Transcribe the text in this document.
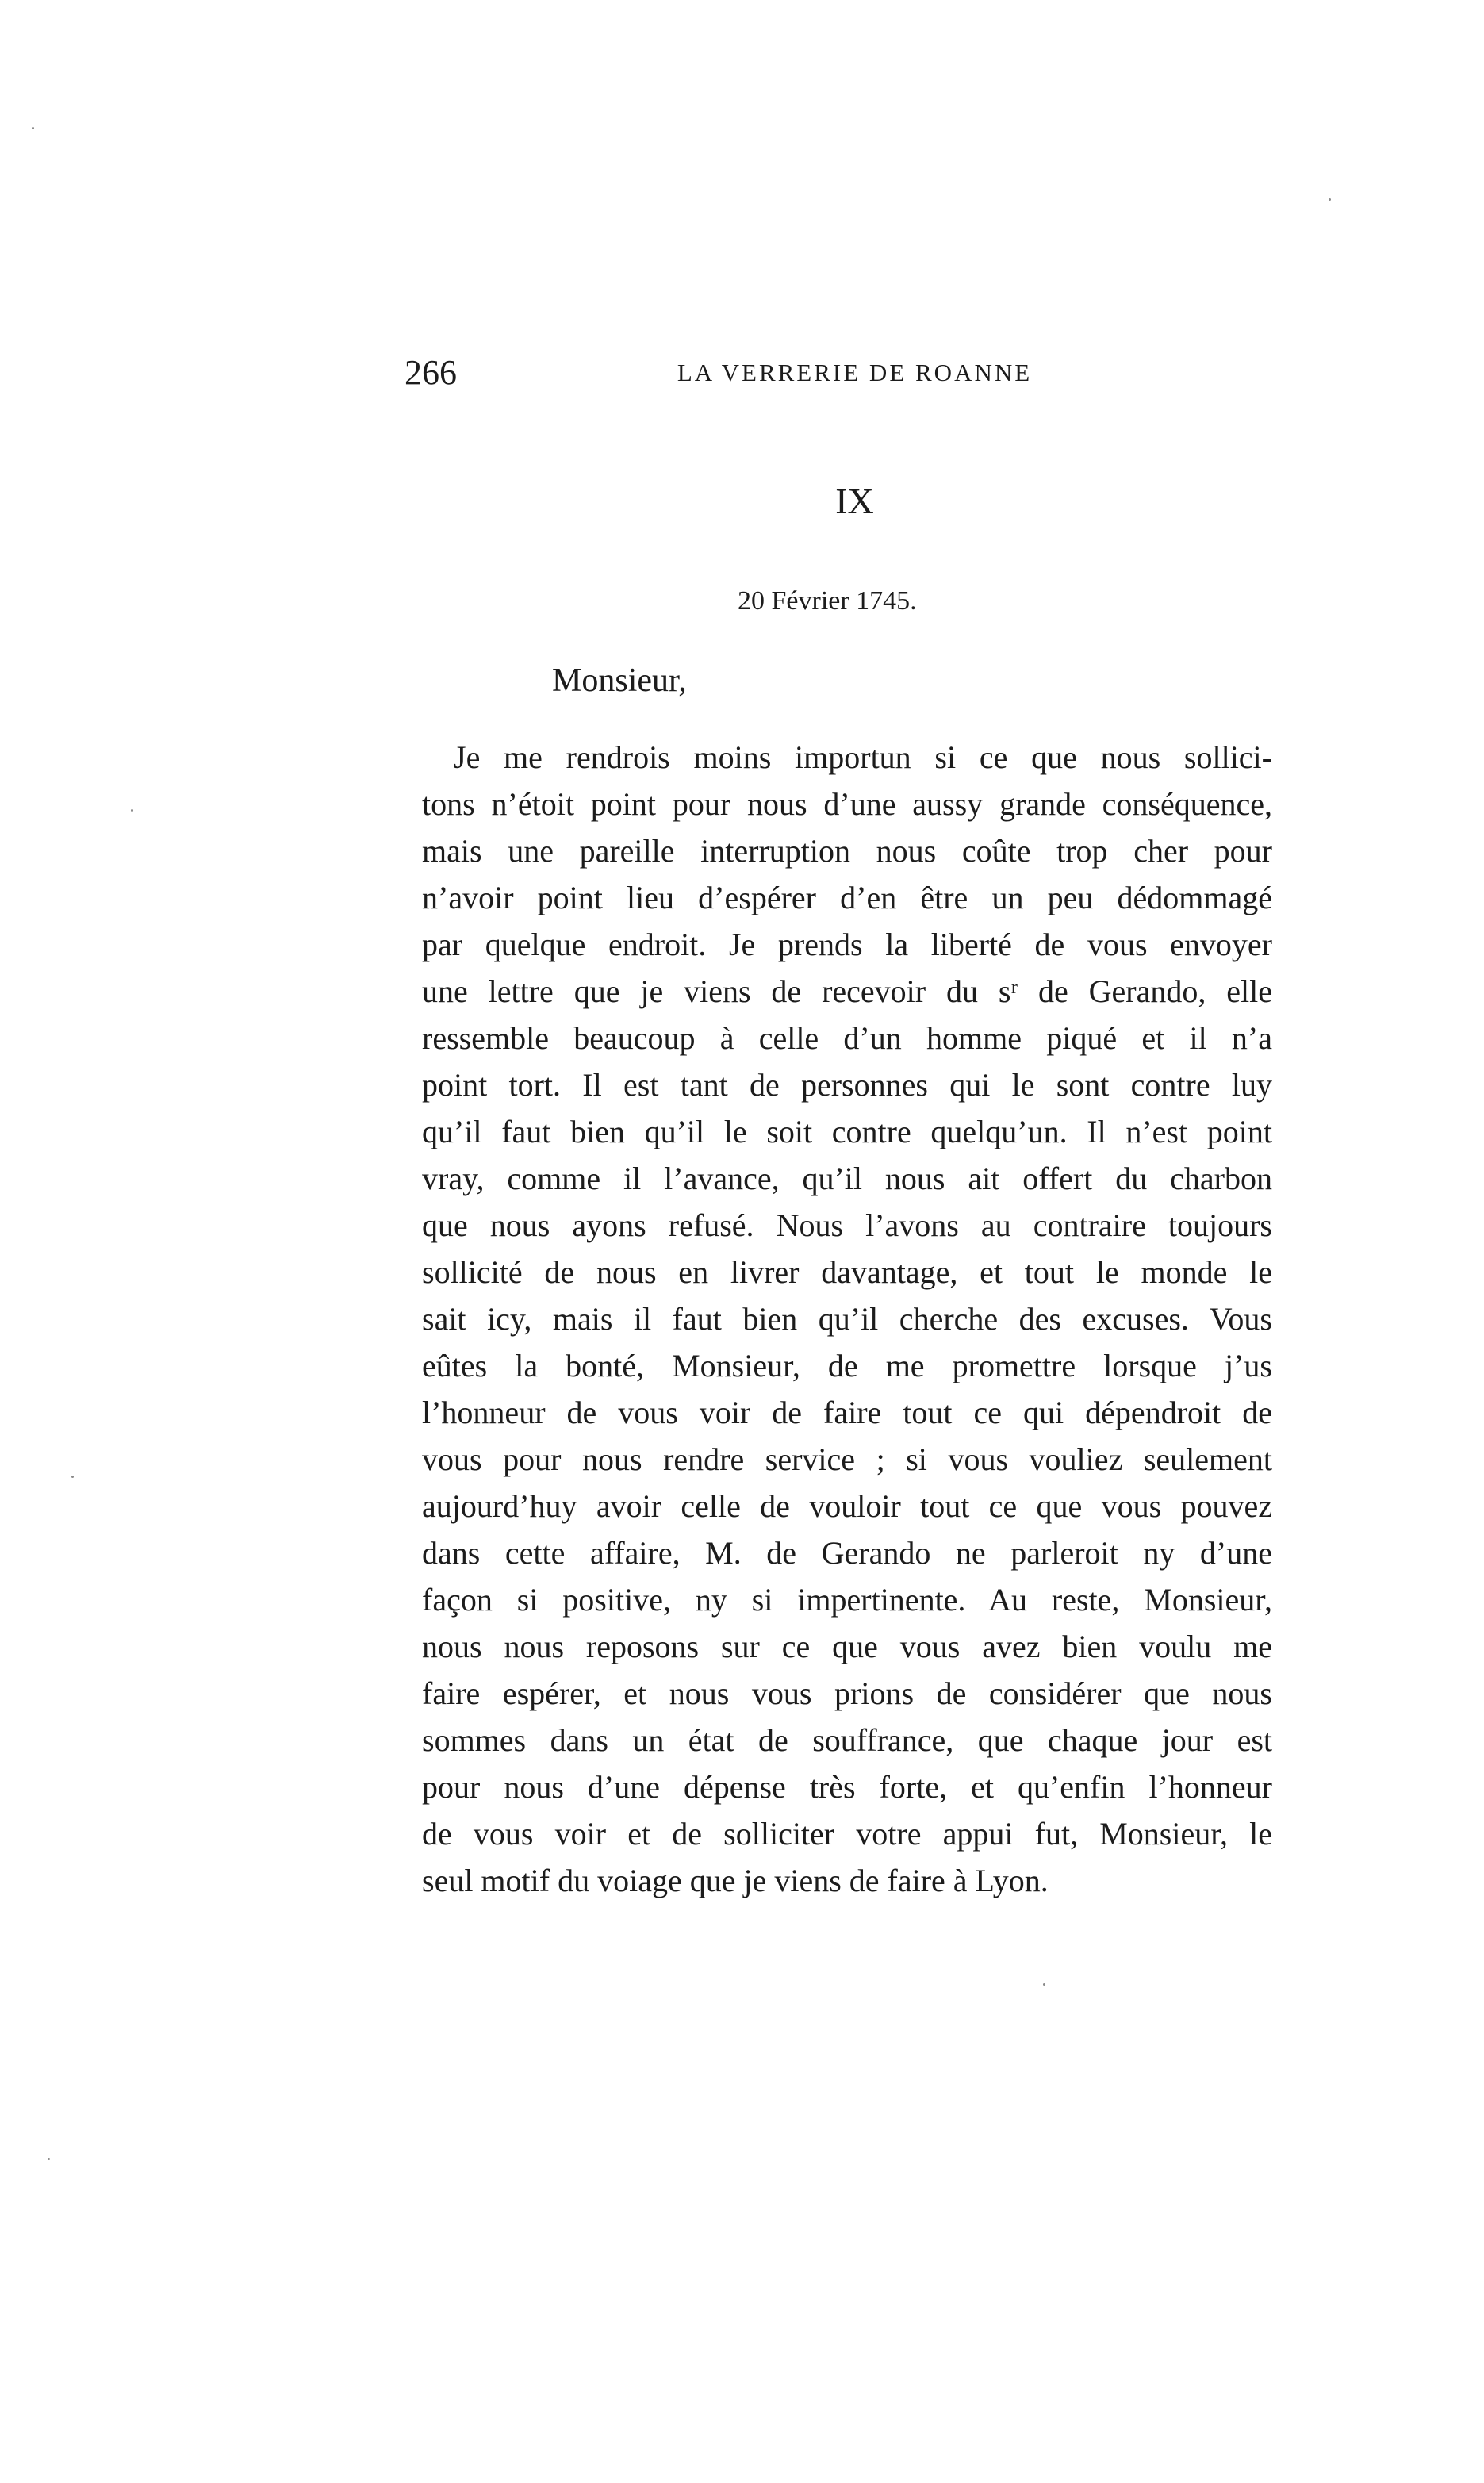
266	LA VERRERIE DE ROANNE
IX
20 Février 1745.
Monsieur,
Je me rendrois moins importun si ce que nous sollici-
tons n’étoit point pour nous d’une aussy grande conséquence,
mais une pareille interruption nous coûte trop cher pour
n’avoir point lieu d’espérer d’en être un peu dédommagé
par quelque endroit. Je prends la liberté de vous envoyer
une lettre que je viens de recevoir du sʳ de Gerando, elle
ressemble beaucoup à celle d’un homme piqué et il n’a
point tort. Il est tant de personnes qui le sont contre luy
qu’il faut bien qu’il le soit contre quelqu’un. Il n’est point
vray, comme il l’avance, qu’il nous ait offert du charbon
que nous ayons refusé. Nous l’avons au contraire toujours
sollicité de nous en livrer davantage, et tout le monde le
sait icy, mais il faut bien qu’il cherche des excuses. Vous
eûtes la bonté, Monsieur, de me promettre lorsque j’us
l’honneur de vous voir de faire tout ce qui dépendroit de
vous pour nous rendre service ; si vous vouliez seulement
aujourd’huy avoir celle de vouloir tout ce que vous pouvez
dans cette affaire, M. de Gerando ne parleroit ny d’une
façon si positive, ny si impertinente. Au reste, Monsieur,
nous nous reposons sur ce que vous avez bien voulu me
faire espérer, et nous vous prions de considérer que nous
sommes dans un état de souffrance, que chaque jour est
pour nous d’une dépense très forte, et qu’enfin l’honneur
de vous voir et de solliciter votre appui fut, Monsieur, le
seul motif du voiage que je viens de faire à Lyon.
